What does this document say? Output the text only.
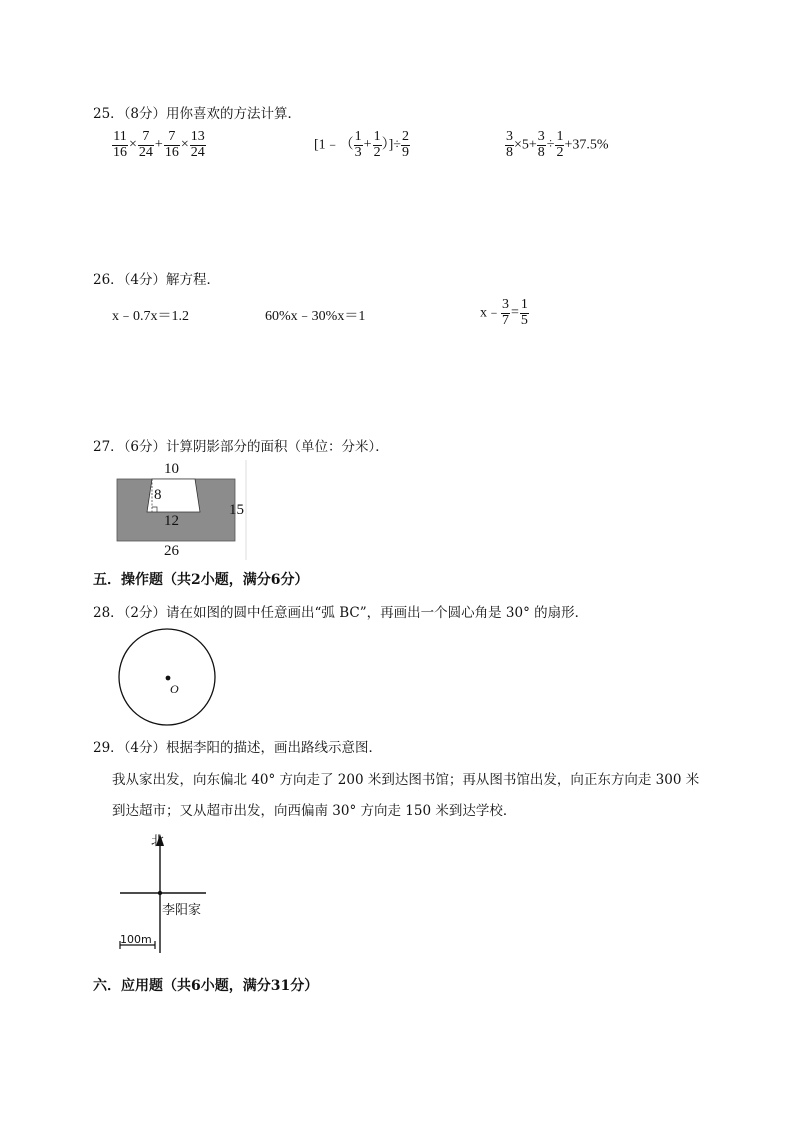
25．（8分）用你喜欢的方法计算．
$\frac{11}{16} \times \frac{7}{24} + \frac{7}{16} \times \frac{13}{24}$	[1﹣（ $\frac{1}{3} + \frac{1}{2}$ ）]÷ $\frac{2}{9}$	$\frac{3}{8} \times 5+ \frac{3}{8} \div \frac{1}{2} +37.5\%$
26．（4分）解方程．
x﹣0.7x＝1.2	60%x﹣30%x＝1	x﹣ $\frac{3}{7} = \frac{1}{5}$
27．（6分）计算阴影部分的面积（单位：分米）．
10
8
12
15
26
五．操作题（共2小题，满分6分）
28．（2分）请在如图的圆中任意画出“弧 BC”，再画出一个圆心角是 30° 的扇形．
O
29．（4分）根据李阳的描述，画出路线示意图．
我从家出发，向东偏北 40° 方向走了 200 米到达图书馆；再从图书馆出发，向正东方向走 300 米
到达超市；又从超市出发，向西偏南 30° 方向走 150 米到达学校．
北
李阳家
100m
六．应用题（共6小题，满分31分）
